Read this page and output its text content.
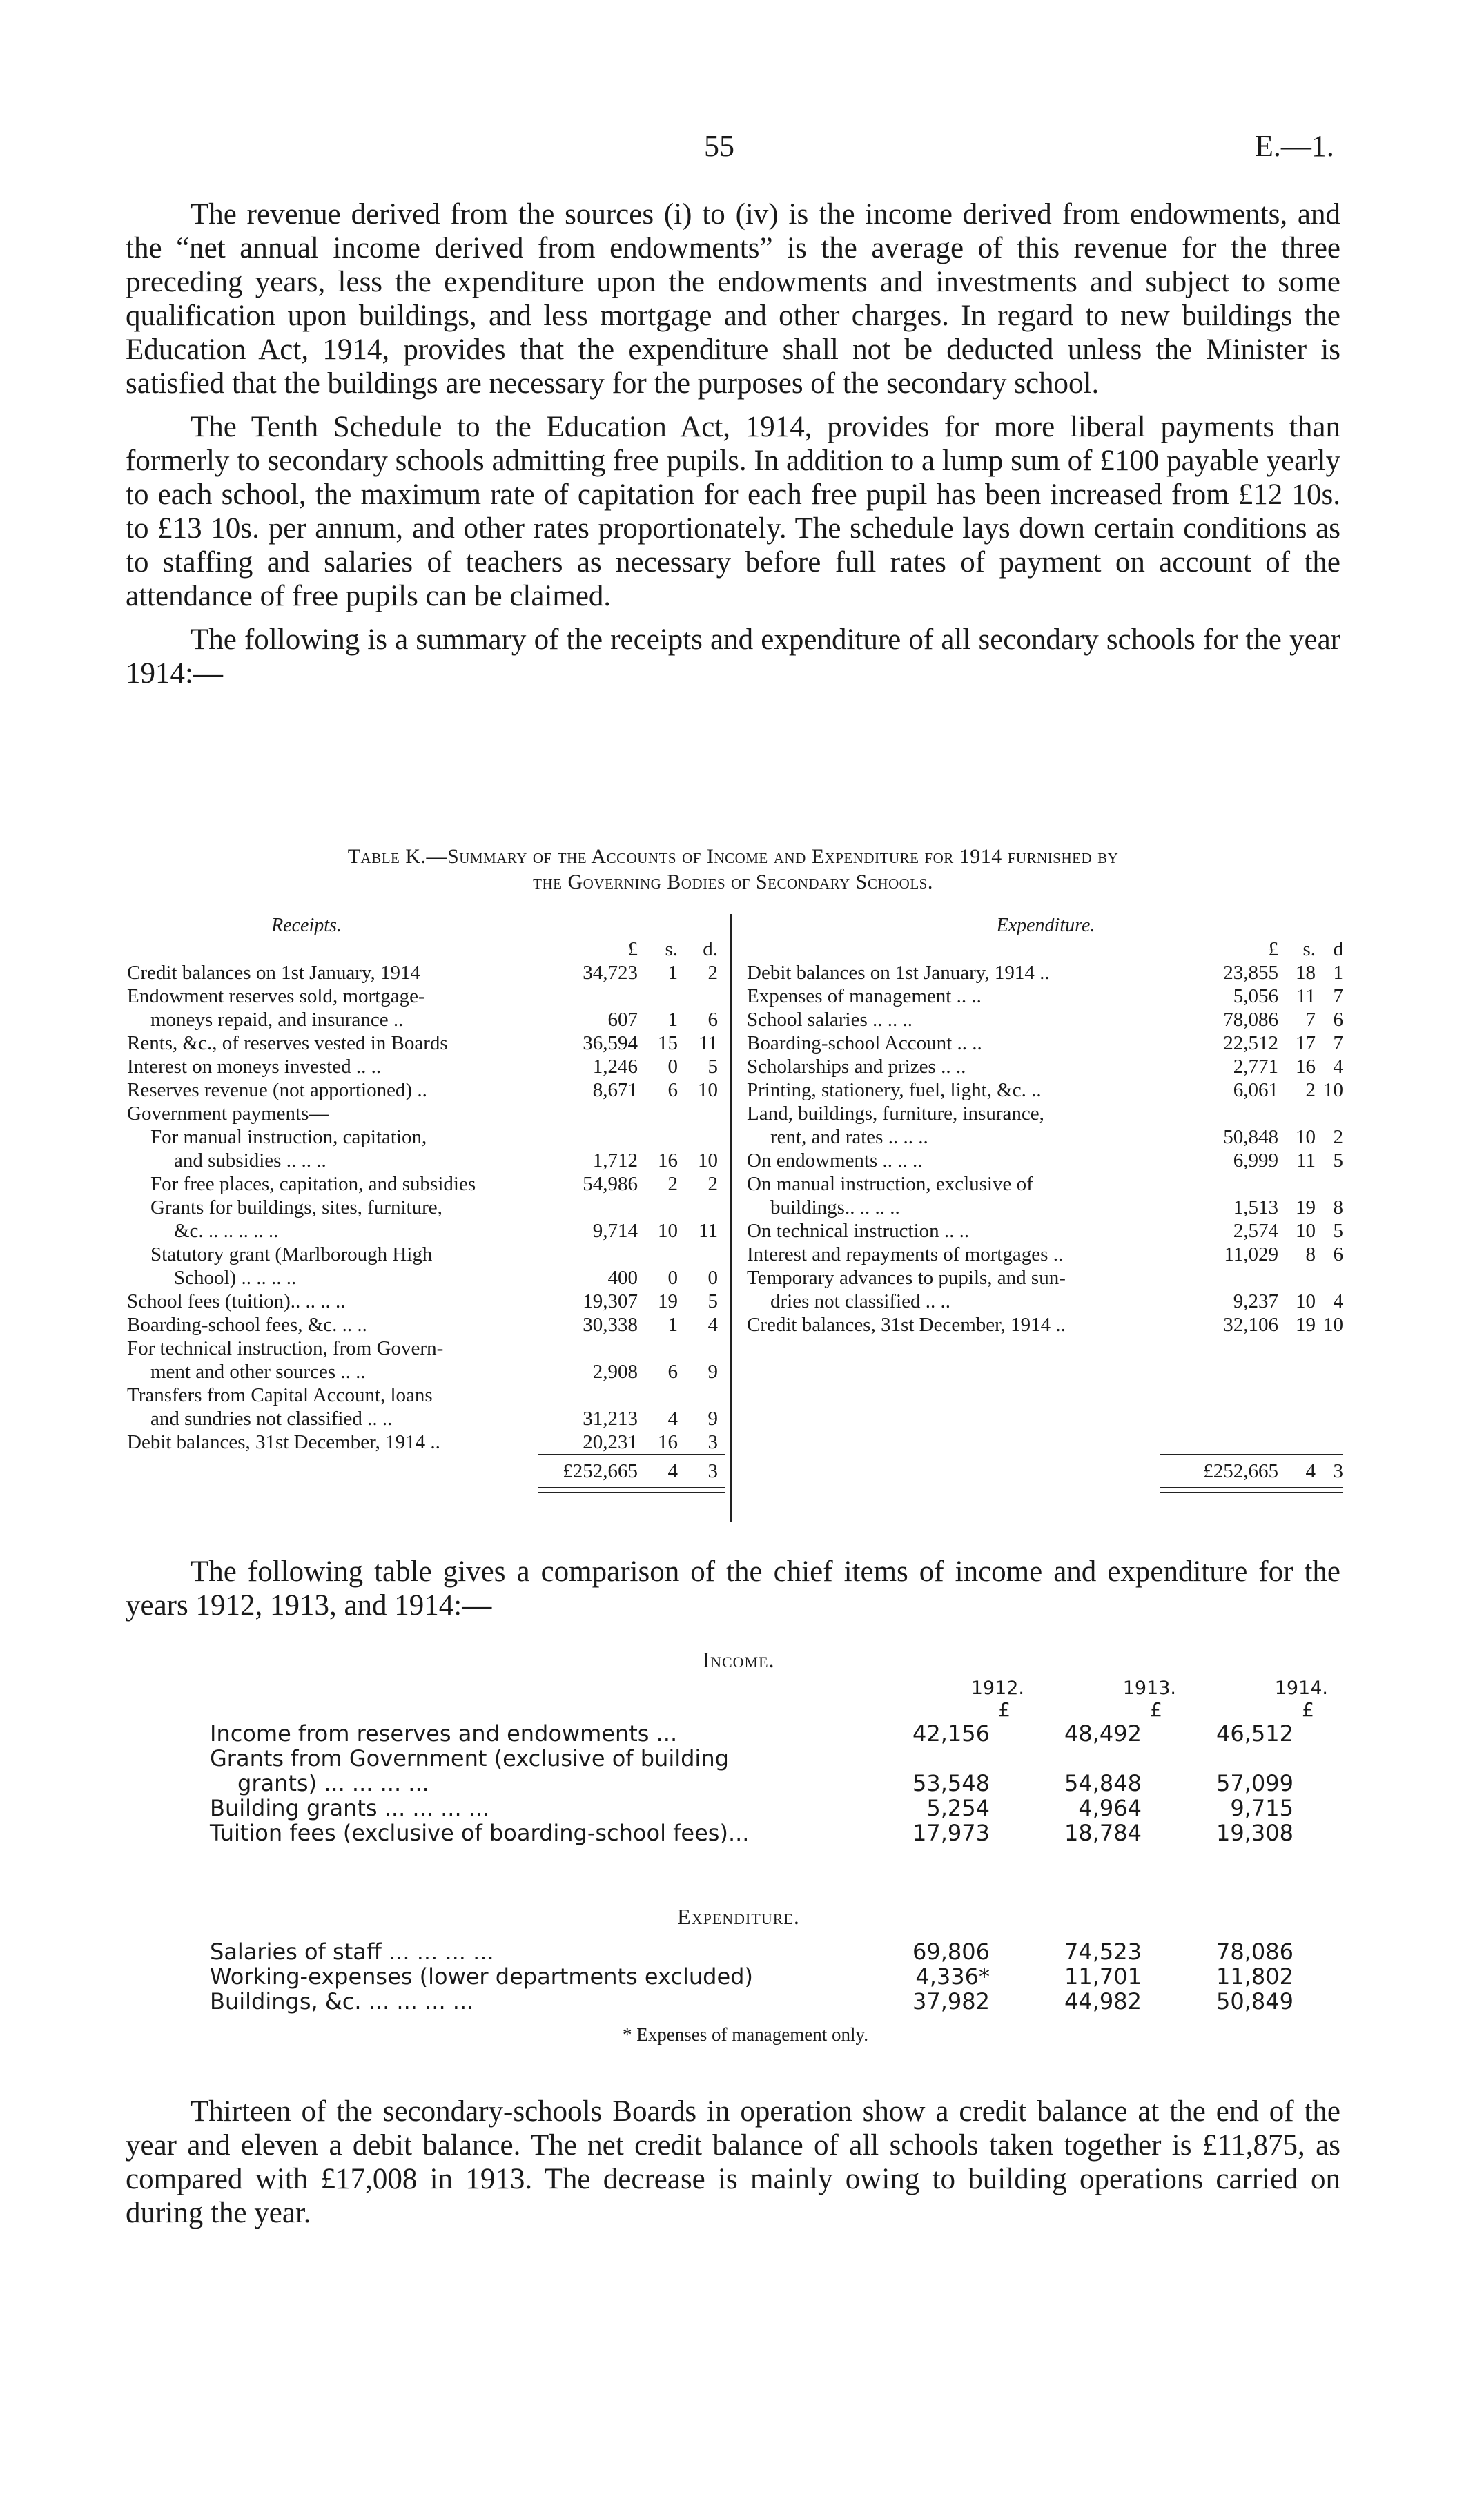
55	E.—1.

The revenue derived from the sources (i) to (iv) is the income derived from endowments, and the “net annual income derived from endowments” is the average of this revenue for the three preceding years, less the expenditure upon the endowments and investments and subject to some qualification upon buildings, and less mortgage and other charges. In regard to new buildings the Education Act, 1914, provides that the expenditure shall not be deducted unless the Minister is satisfied that the buildings are necessary for the purposes of the secondary school.

The Tenth Schedule to the Education Act, 1914, provides for more liberal payments than formerly to secondary schools admitting free pupils. In addition to a lump sum of £100 payable yearly to each school, the maximum rate of capitation for each free pupil has been increased from £12 10s. to £13 10s. per annum, and other rates proportionately. The schedule lays down certain conditions as to staffing and salaries of teachers as necessary before full rates of payment on account of the attendance of free pupils can be claimed.

The following is a summary of the receipts and expenditure of all secondary schools for the year 1914:—

Table K.—Summary of the Accounts of Income and Expenditure for 1914 furnished by
the Governing Bodies of Secondary Schools.
Receipts.
£	s.	d.
Credit balances on 1st January, 1914	34,723	1	2
Endowment reserves sold, mortgage-
moneys repaid, and insurance ..	607	1	6
Rents, &c., of reserves vested in Boards	36,594	15	11
Interest on moneys invested .. ..	1,246	0	5
Reserves revenue (not apportioned) ..	8,671	6	10
Government payments—
For manual instruction, capitation,
and subsidies .. .. ..	1,712	16	10
For free places, capitation, and subsidies	54,986	2	2
Grants for buildings, sites, furniture,
&c. .. .. .. .. ..	9,714	10	11
Statutory grant (Marlborough High
School) .. .. .. ..	400	0	0
School fees (tuition).. .. .. ..	19,307	19	5
Boarding-school fees, &c. .. ..	30,338	1	4
For technical instruction, from Govern-
ment and other sources .. ..	2,908	6	9
Transfers from Capital Account, loans
and sundries not classified .. ..	31,213	4	9
Debit balances, 31st December, 1914 ..	20,231	16	3
Expenditure.
£	s. d
Debit balances on 1st January, 1914 ..	23,855 18 1
Expenses of management .. ..	5,056 11 7
School salaries .. .. ..	78,086	7 6
Boarding-school Account .. ..	22,512 17 7
Scholarships and prizes .. ..	2,771 16 4
Printing, stationery, fuel, light, &c. ..	6,061	2 10
Land, buildings, furniture, insurance,
rent, and rates .. .. ..	50,848 10 2
On endowments .. .. ..	6,999 11 5
On manual instruction, exclusive of
buildings.. .. .. ..	1,513 19 8
On technical instruction .. ..	2,574 10 5
Interest and repayments of mortgages ..	11,029	8 6
Temporary advances to pupils, and sun-
dries not classified .. ..	9,237 10 4
Credit balances, 31st December, 1914 ..	32,106 19 10
£252,665	4	3	£252,665	4 3

The following table gives a comparison of the chief items of income and expenditure for the years 1912, 1913, and 1914:—

Income.
1912.	1913.	1914.
£	£	£
Income from reserves and endowments ...	42,156	48,492	46,512
Grants from Government (exclusive of building
grants) ... ... ... ...	53,548	54,848	57,099
Building grants ... ... ... ...	5,254	4,964	9,715
Tuition fees (exclusive of boarding-school fees)...	17,973	18,784	19,308
Expenditure.
Salaries of staff ... ... ... ...	69,806	74,523	78,086
Working-expenses (lower departments excluded)	4,336*	11,701	11,802
Buildings, &c. ... ... ... ...	37,982	44,982	50,849
* Expenses of management only.

Thirteen of the secondary-schools Boards in operation show a credit balance at the end of the year and eleven a debit balance. The net credit balance of all schools taken together is £11,875, as compared with £17,008 in 1913. The decrease is mainly owing to building operations carried on during the year.
